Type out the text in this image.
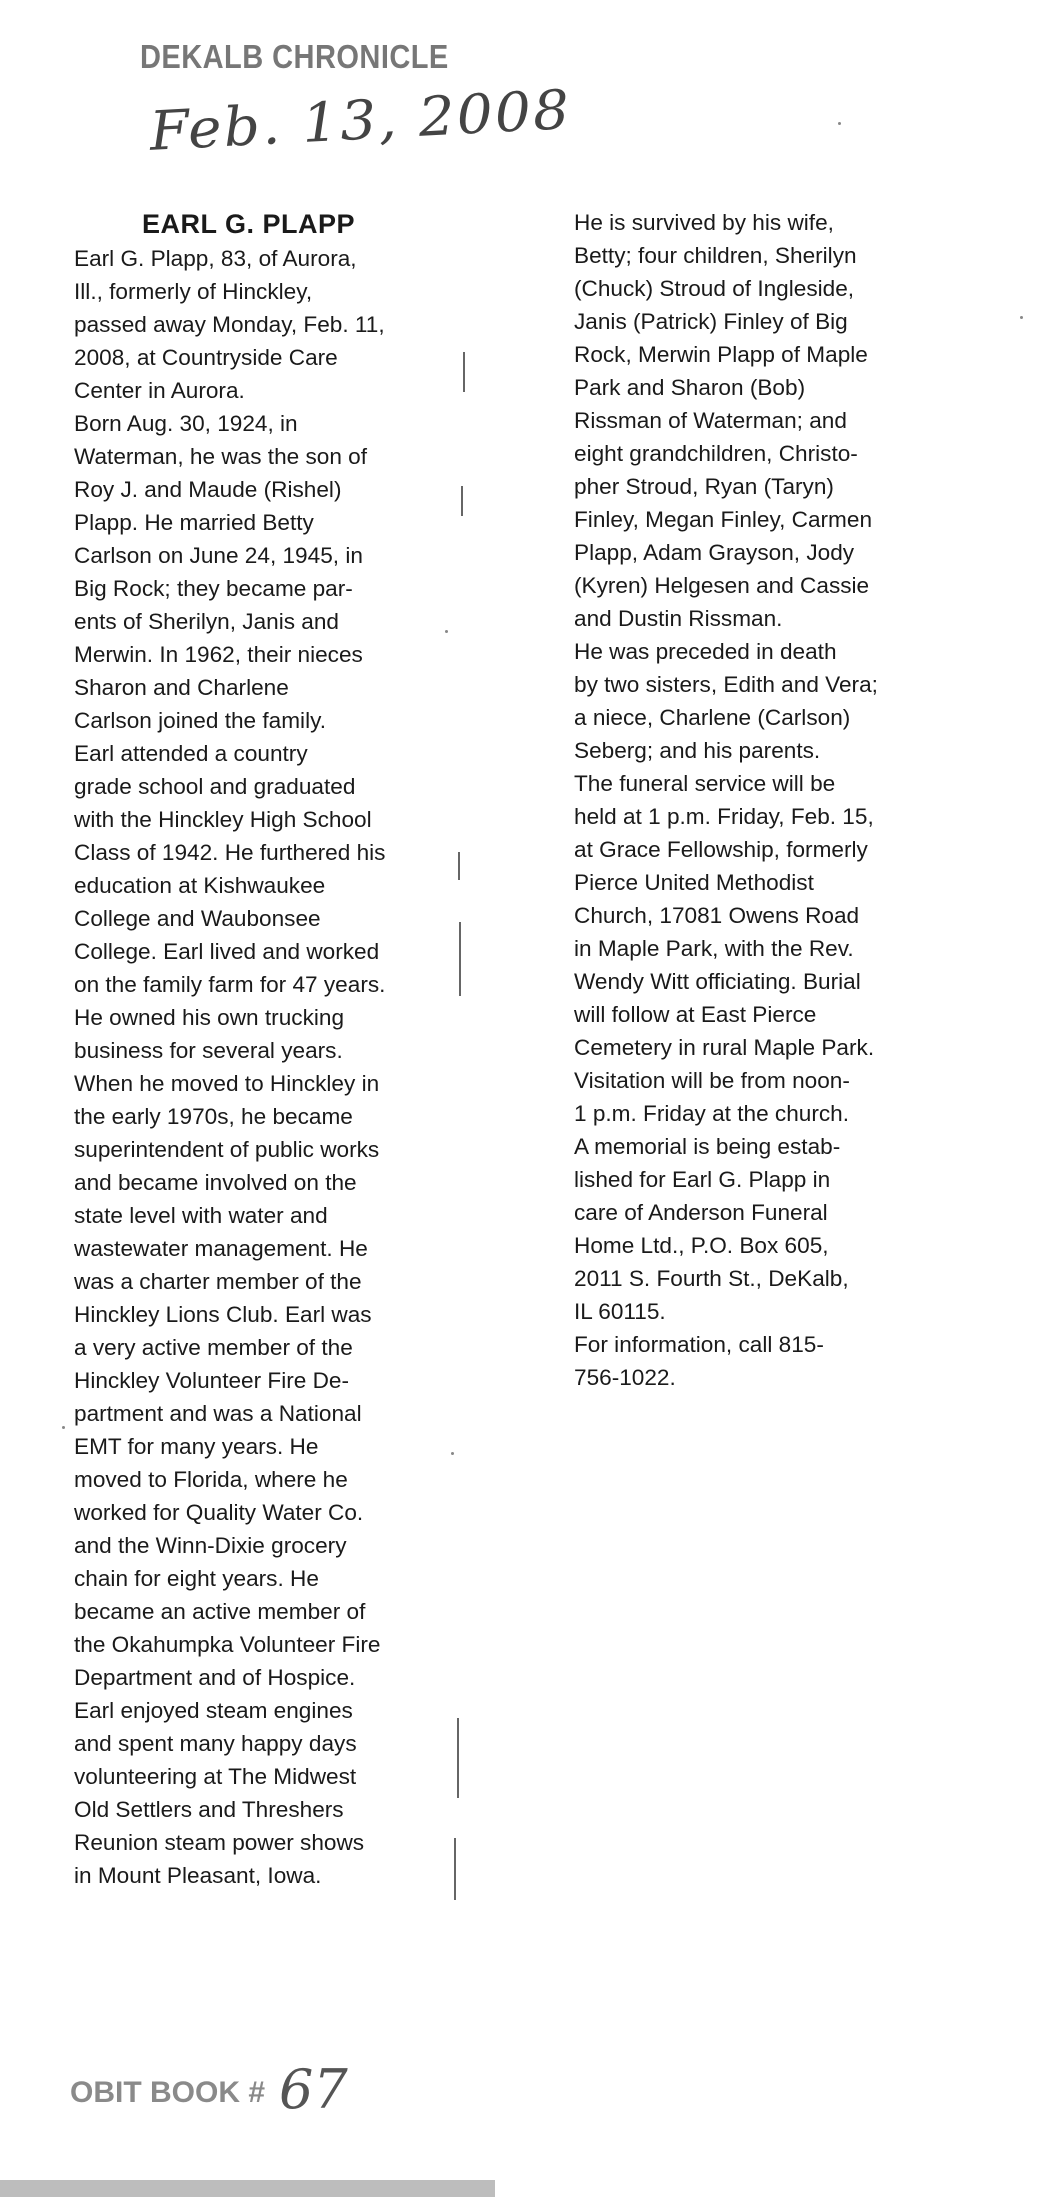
DEKALB CHRONICLE
Feb. 13, 2008
EARL G. PLAPP

Earl G. Plapp, 83, of Aurora,
Ill., formerly of Hinckley,
passed away Monday, Feb. 11,
2008, at Countryside Care
Center in Aurora.

Born Aug. 30, 1924, in
Waterman, he was the son of
Roy J. and Maude (Rishel)
Plapp. He married Betty
Carlson on June 24, 1945, in
Big Rock; they became par-
ents of Sherilyn, Janis and
Merwin. In 1962, their nieces
Sharon and Charlene
Carlson joined the family.

Earl attended a country
grade school and graduated
with the Hinckley High School
Class of 1942. He furthered his
education at Kishwaukee
College and Waubonsee
College. Earl lived and worked
on the family farm for 47 years.
He owned his own trucking
business for several years.
When he moved to Hinckley in
the early 1970s, he became
superintendent of public works
and became involved on the
state level with water and
wastewater management. He
was a charter member of the
Hinckley Lions Club. Earl was
a very active member of the
Hinckley Volunteer Fire De-
partment and was a National
EMT for many years. He
moved to Florida, where he
worked for Quality Water Co.
and the Winn-Dixie grocery
chain for eight years. He
became an active member of
the Okahumpka Volunteer Fire
Department and of Hospice.
Earl enjoyed steam engines
and spent many happy days
volunteering at The Midwest
Old Settlers and Threshers
Reunion steam power shows
in Mount Pleasant, Iowa.

He is survived by his wife,
Betty; four children, Sherilyn
(Chuck) Stroud of Ingleside,
Janis (Patrick) Finley of Big
Rock, Merwin Plapp of Maple
Park and Sharon (Bob)
Rissman of Waterman; and
eight grandchildren, Christo-
pher Stroud, Ryan (Taryn)
Finley, Megan Finley, Carmen
Plapp, Adam Grayson, Jody
(Kyren) Helgesen and Cassie
and Dustin Rissman.

He was preceded in death
by two sisters, Edith and Vera;
a niece, Charlene (Carlson)
Seberg; and his parents.

The funeral service will be
held at 1 p.m. Friday, Feb. 15,
at Grace Fellowship, formerly
Pierce United Methodist
Church, 17081 Owens Road
in Maple Park, with the Rev.
Wendy Witt officiating. Burial
will follow at East Pierce
Cemetery in rural Maple Park.
Visitation will be from noon-
1 p.m. Friday at the church.

A memorial is being estab-
lished for Earl G. Plapp in
care of Anderson Funeral
Home Ltd., P.O. Box 605,
2011 S. Fourth St., DeKalb,
IL 60115.

For information, call 815-
756-1022.

OBIT BOOK # 67
